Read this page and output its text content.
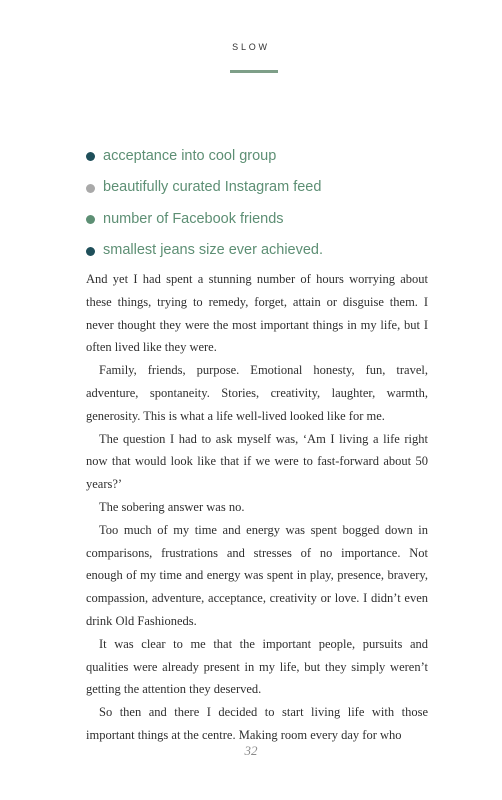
SLOW
acceptance into cool group
beautifully curated Instagram feed
number of Facebook friends
smallest jeans size ever achieved.

And yet I had spent a stunning number of hours worrying about these things, trying to remedy, forget, attain or disguise them. I never thought they were the most important things in my life, but I often lived like they were.

Family, friends, purpose. Emotional honesty, fun, travel, adventure, spontaneity. Stories, creativity, laughter, warmth, generosity. This is what a life well-lived looked like for me.

The question I had to ask myself was, ‘Am I living a life right now that would look like that if we were to fast-forward about 50 years?’

The sobering answer was no.

Too much of my time and energy was spent bogged down in comparisons, frustrations and stresses of no importance. Not enough of my time and energy was spent in play, presence, bravery, compassion, adventure, acceptance, creativity or love. I didn’t even drink Old Fashioneds.

It was clear to me that the important people, pursuits and qualities were already present in my life, but they simply weren’t getting the attention they deserved.

So then and there I decided to start living life with those important things at the centre. Making room every day for who

32
